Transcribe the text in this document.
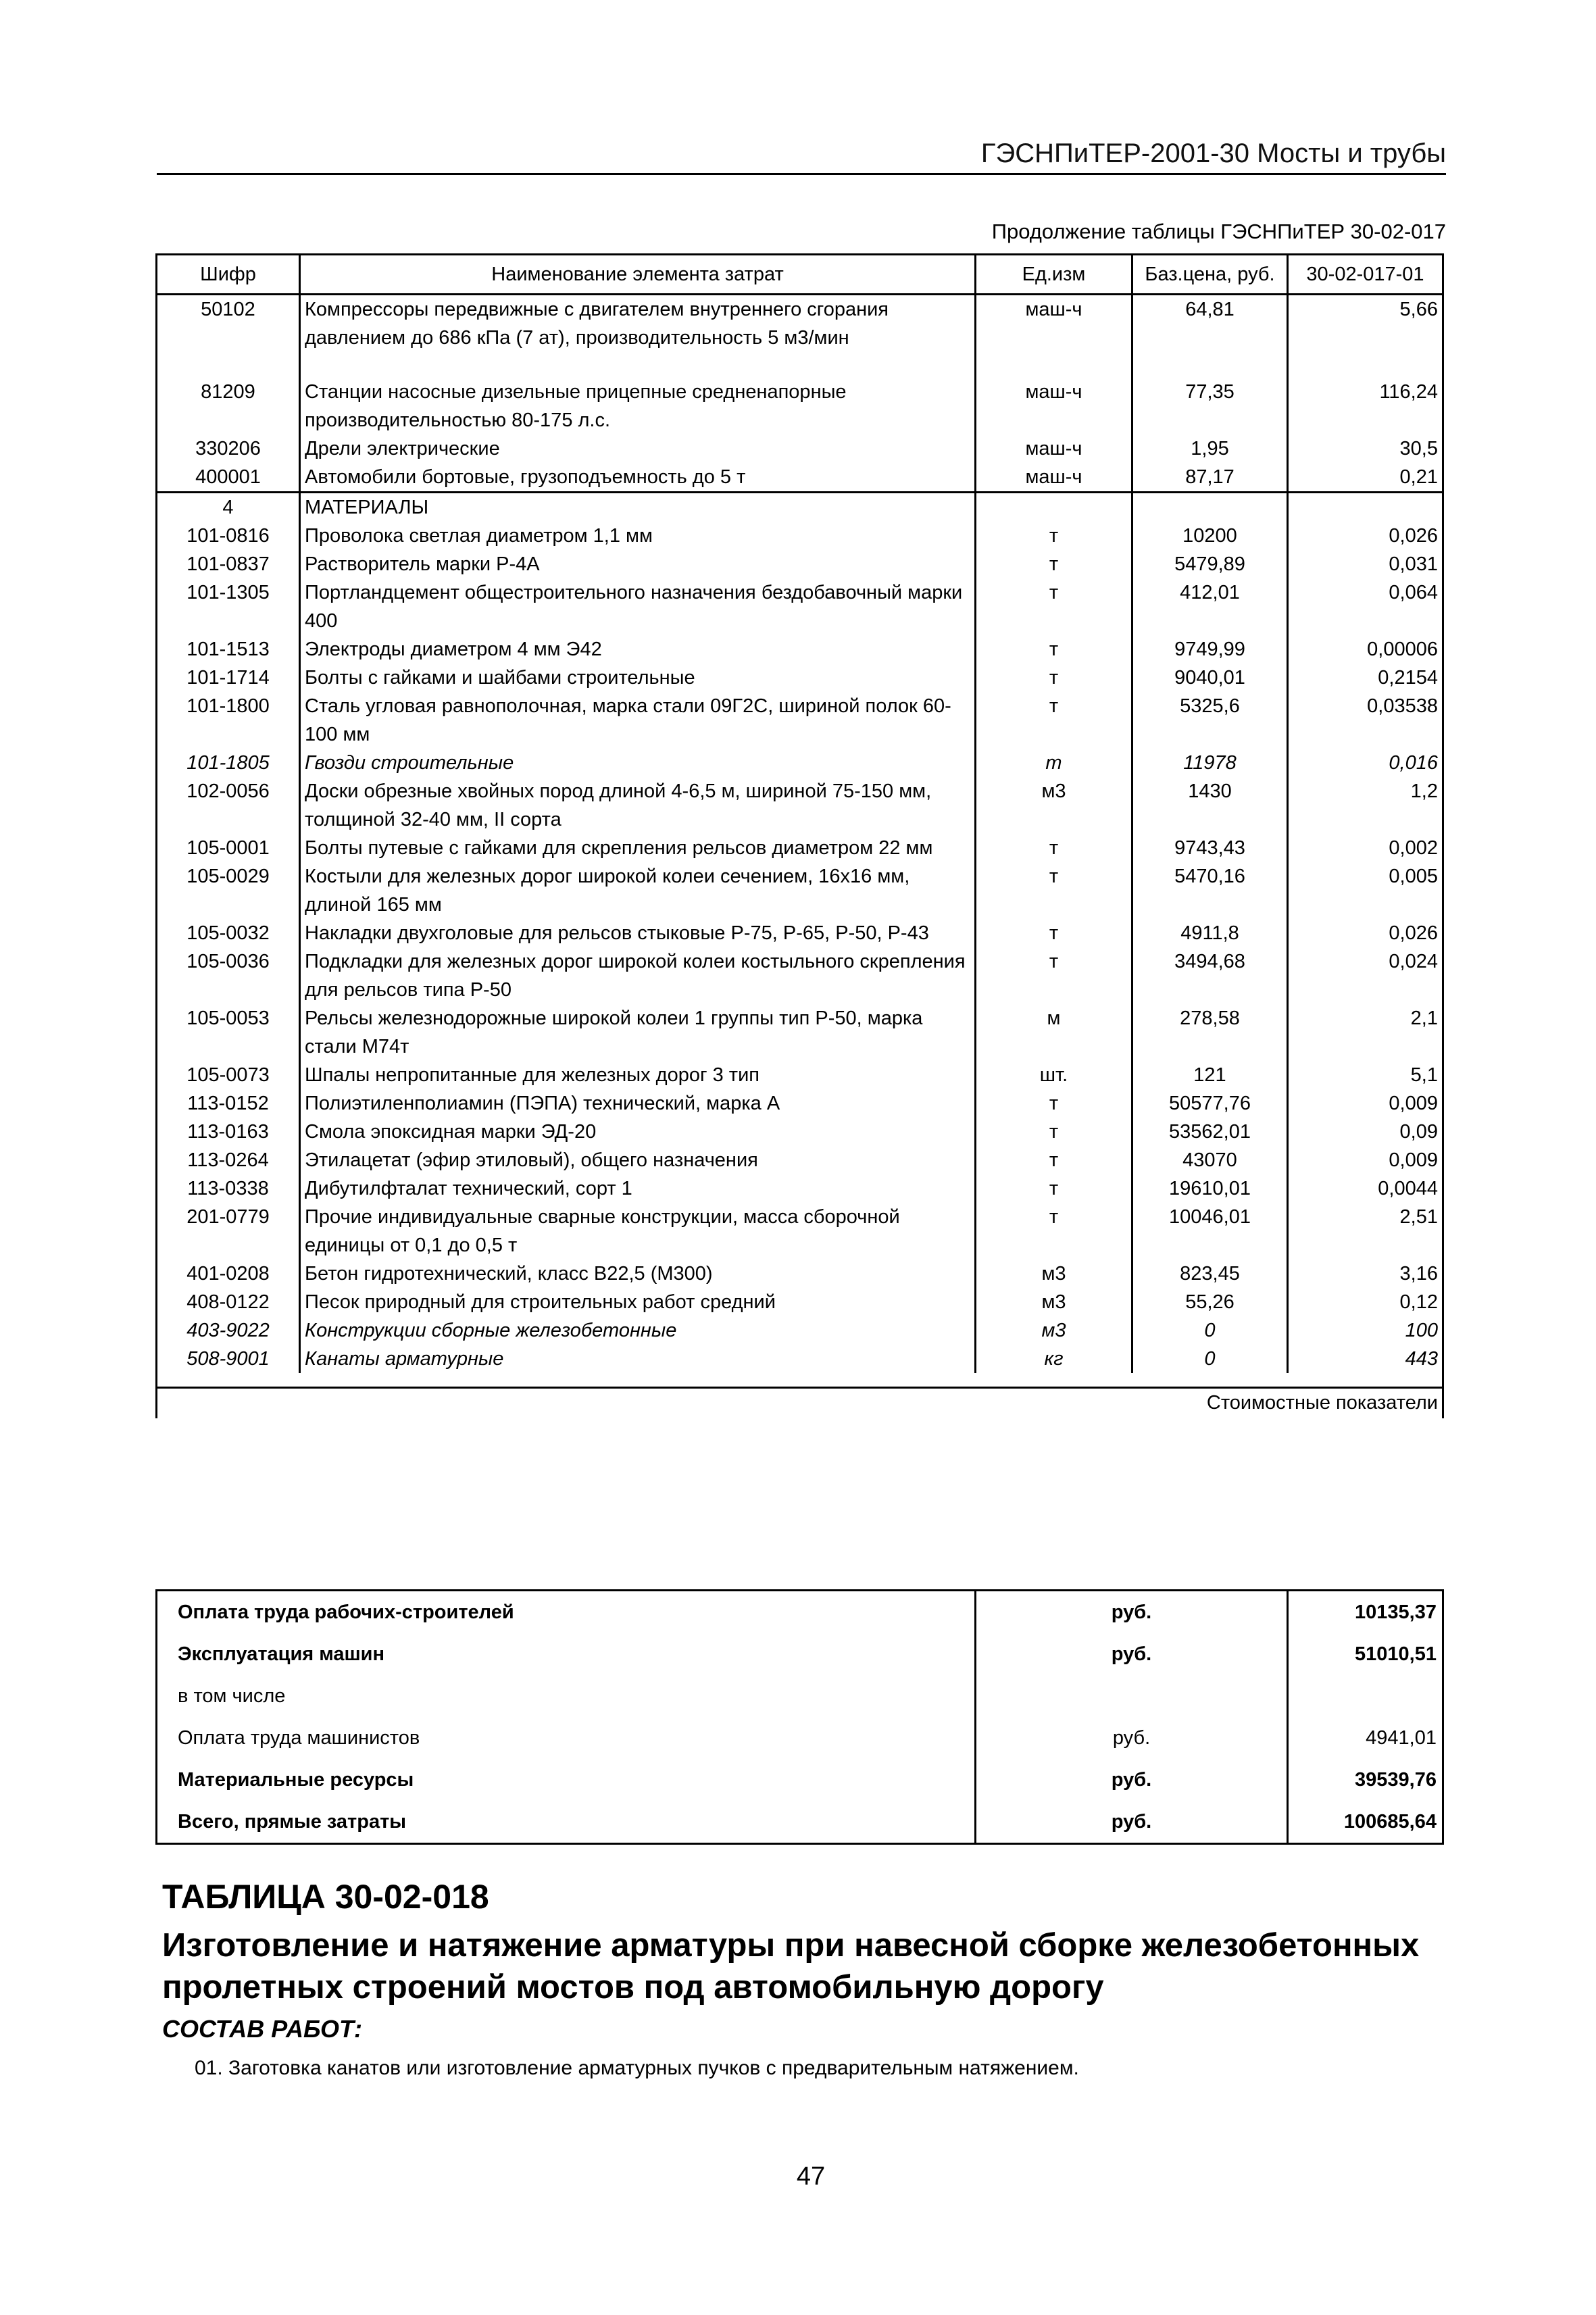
ГЭСНПиТЕР-2001-30 Мосты и трубы
Продолжение таблицы ГЭСНПиТЕР 30-02-017
Шифр	Наименование элемента затрат	Ед.изм	Баз.цена, руб.	30-02-017-01
50102	Компрессоры передвижные с двигателем внутреннего сгорания давлением до 686 кПа (7 ат), производительность 5 м3/мин	маш-ч	64,81	5,66
81209	Станции насосные дизельные прицепные средненапорные производительностью 80-175 л.с.	маш-ч	77,35	116,24
330206	Дрели электрические	маш-ч	1,95	30,5
400001	Автомобили бортовые, грузоподъемность до 5 т	маш-ч	87,17	0,21
4	МАТЕРИАЛЫ			
101-0816	Проволока светлая диаметром 1,1 мм	т	10200	0,026
101-0837	Растворитель марки Р-4А	т	5479,89	0,031
101-1305	Портландцемент общестроительного назначения бездобавочный марки 400	т	412,01	0,064
101-1513	Электроды диаметром 4 мм Э42	т	9749,99	0,00006
101-1714	Болты с гайками и шайбами строительные	т	9040,01	0,2154
101-1800	Сталь угловая равнополочная, марка стали 09Г2С, шириной полок 60-100 мм	т	5325,6	0,03538
101-1805	Гвозди строительные	т	11978	0,016
102-0056	Доски обрезные хвойных пород длиной 4-6,5 м, шириной 75-150 мм, толщиной 32-40 мм, II сорта	м3	1430	1,2
105-0001	Болты путевые с гайками для скрепления рельсов диаметром 22 мм	т	9743,43	0,002
105-0029	Костыли для железных дорог широкой колеи сечением, 16х16 мм, длиной 165 мм	т	5470,16	0,005
105-0032	Накладки двухголовые для рельсов стыковые Р-75, Р-65, Р-50, Р-43	т	4911,8	0,026
105-0036	Подкладки для железных дорог широкой колеи костыльного скрепления для рельсов типа Р-50	т	3494,68	0,024
105-0053	Рельсы железнодорожные широкой колеи 1 группы тип Р-50, марка стали М74т	м	278,58	2,1
105-0073	Шпалы непропитанные для железных дорог 3 тип	шт.	121	5,1
113-0152	Полиэтиленполиамин (ПЭПА) технический, марка А	т	50577,76	0,009
113-0163	Смола эпоксидная марки ЭД-20	т	53562,01	0,09
113-0264	Этилацетат (эфир этиловый), общего назначения	т	43070	0,009
113-0338	Дибутилфталат технический, сорт 1	т	19610,01	0,0044
201-0779	Прочие индивидуальные сварные конструкции, масса сборочной единицы от 0,1 до 0,5 т	т	10046,01	2,51
401-0208	Бетон гидротехнический, класс В22,5 (М300)	м3	823,45	3,16
408-0122	Песок природный для строительных работ средний	м3	55,26	0,12
403-9022	Конструкции сборные железобетонные	м3	0	100
508-9001	Канаты арматурные	кг	0	443

Стоимостные показатели				
Оплата труда рабочих-строителей	руб.	10135,37
Эксплуатация машин	руб.	51010,51
в том числе		
Оплата труда машинистов	руб.	4941,01
Материальные ресурсы	руб.	39539,76
Всего, прямые затраты	руб.	100685,64
ТАБЛИЦА 30-02-018
Изготовление и натяжение арматуры при навесной сборке железобетонных пролетных строений мостов под автомобильную дорогу
СОСТАВ РАБОТ:
01. Заготовка канатов или изготовление арматурных пучков с предварительным натяжением.
47
